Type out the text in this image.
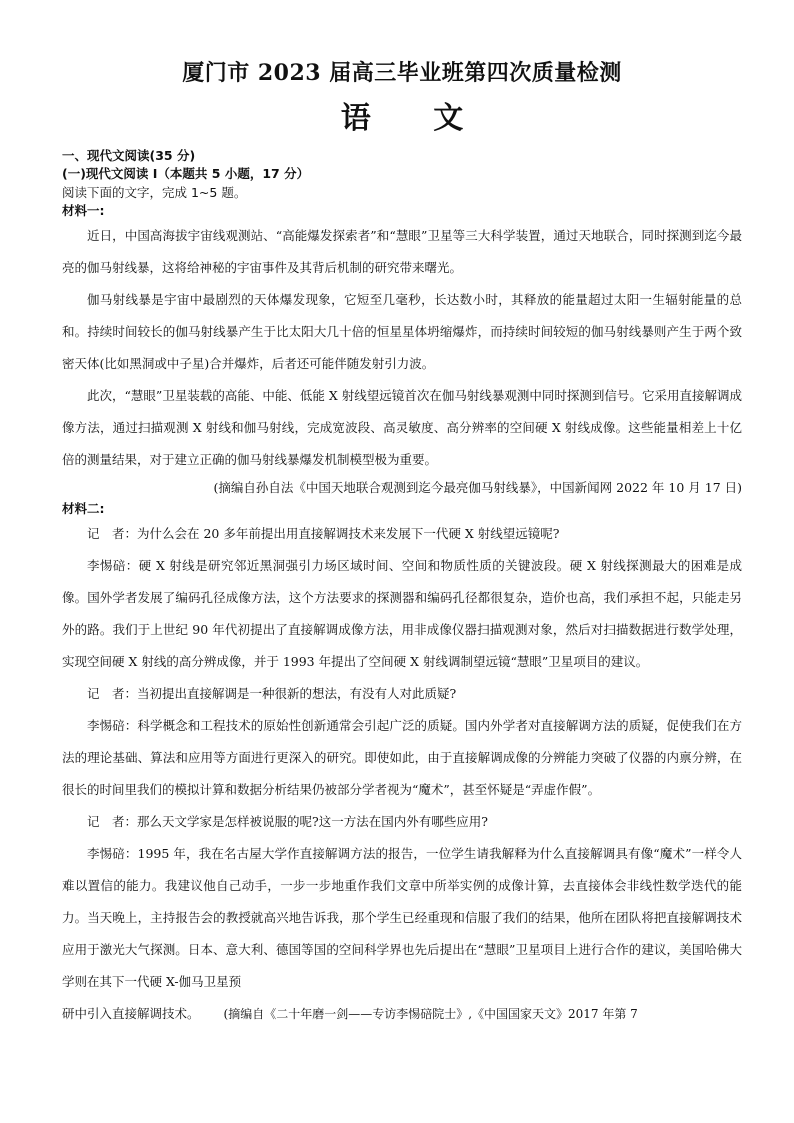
厦门市 2023 届高三毕业班第四次质量检测
语 文

一、现代文阅读(35 分)

(一)现代文阅读 I（本题共 5 小题，17 分）

阅读下面的文字，完成 1~5 题。

材料一:

近日，中国高海拔宇宙线观测站、“高能爆发探索者”和“慧眼”卫星等三大科学装置，通过天地联合，同时探测到迄今最亮的伽马射线暴，这将给神秘的宇宙事件及其背后机制的研究带来曙光。

伽马射线暴是宇宙中最剧烈的天体爆发现象，它短至几毫秒，长达数小时，其释放的能量超过太阳一生辐射能量的总和。持续时间较长的伽马射线暴产生于比太阳大几十倍的恒星星体坍缩爆炸，而持续时间较短的伽马射线暴则产生于两个致密天体(比如黑洞或中子星)合并爆炸，后者还可能伴随发射引力波。

此次，“慧眼”卫星装载的高能、中能、低能 X 射线望远镜首次在伽马射线暴观测中同时探测到信号。它采用直接解调成像方法，通过扫描观测 X 射线和伽马射线，完成宽波段、高灵敏度、高分辨率的空间硬 X 射线成像。这些能量相差上十亿倍的测量结果，对于建立正确的伽马射线暴爆发机制模型极为重要。

(摘编自孙自法《中国天地联合观测到迄今最亮伽马射线暴》，中国新闻网 2022 年 10 月 17 日)

材料二:

记　者：为什么会在 20 多年前提出用直接解调技术来发展下一代硬 X 射线望远镜呢?

李惕碚：硬 X 射线是研究邻近黑洞强引力场区域时间、空间和物质性质的关键波段。硬 X 射线探测最大的困难是成像。国外学者发展了编码孔径成像方法，这个方法要求的探测器和编码孔径都很复杂，造价也高，我们承担不起，只能走另外的路。我们于上世纪 90 年代初提出了直接解调成像方法，用非成像仪器扫描观测对象，然后对扫描数据进行数学处理，实现空间硬 X 射线的高分辨成像，并于 1993 年提出了空间硬 X 射线调制望远镜“慧眼”卫星项目的建议。

记　者：当初提出直接解调是一种很新的想法，有没有人对此质疑?

李惕碚：科学概念和工程技术的原始性创新通常会引起广泛的质疑。国内外学者对直接解调方法的质疑，促使我们在方法的理论基础、算法和应用等方面进行更深入的研究。即使如此，由于直接解调成像的分辨能力突破了仪器的内禀分辨，在很长的时间里我们的模拟计算和数据分析结果仍被部分学者视为“魔术”，甚至怀疑是“弄虚作假”。

记　者：那么天文学家是怎样被说服的呢?这一方法在国内外有哪些应用?

李惕碚：1995 年，我在名古屋大学作直接解调方法的报告，一位学生请我解释为什么直接解调具有像“魔术”一样令人难以置信的能力。我建议他自己动手，一步一步地重作我们文章中所举实例的成像计算，去直接体会非线性数学迭代的能力。当天晚上，主持报告会的教授就高兴地告诉我，那个学生已经重现和信服了我们的结果，他所在团队将把直接解调技术应用于激光大气探测。日本、意大利、德国等国的空间科学界也先后提出在“慧眼”卫星项目上进行合作的建议，美国哈佛大学则在其下一代硬 X-伽马卫星预

研中引入直接解调技术。 (摘编自《二十年磨一剑——专访李惕碚院士》,《中国国家天文》2017 年第 7
